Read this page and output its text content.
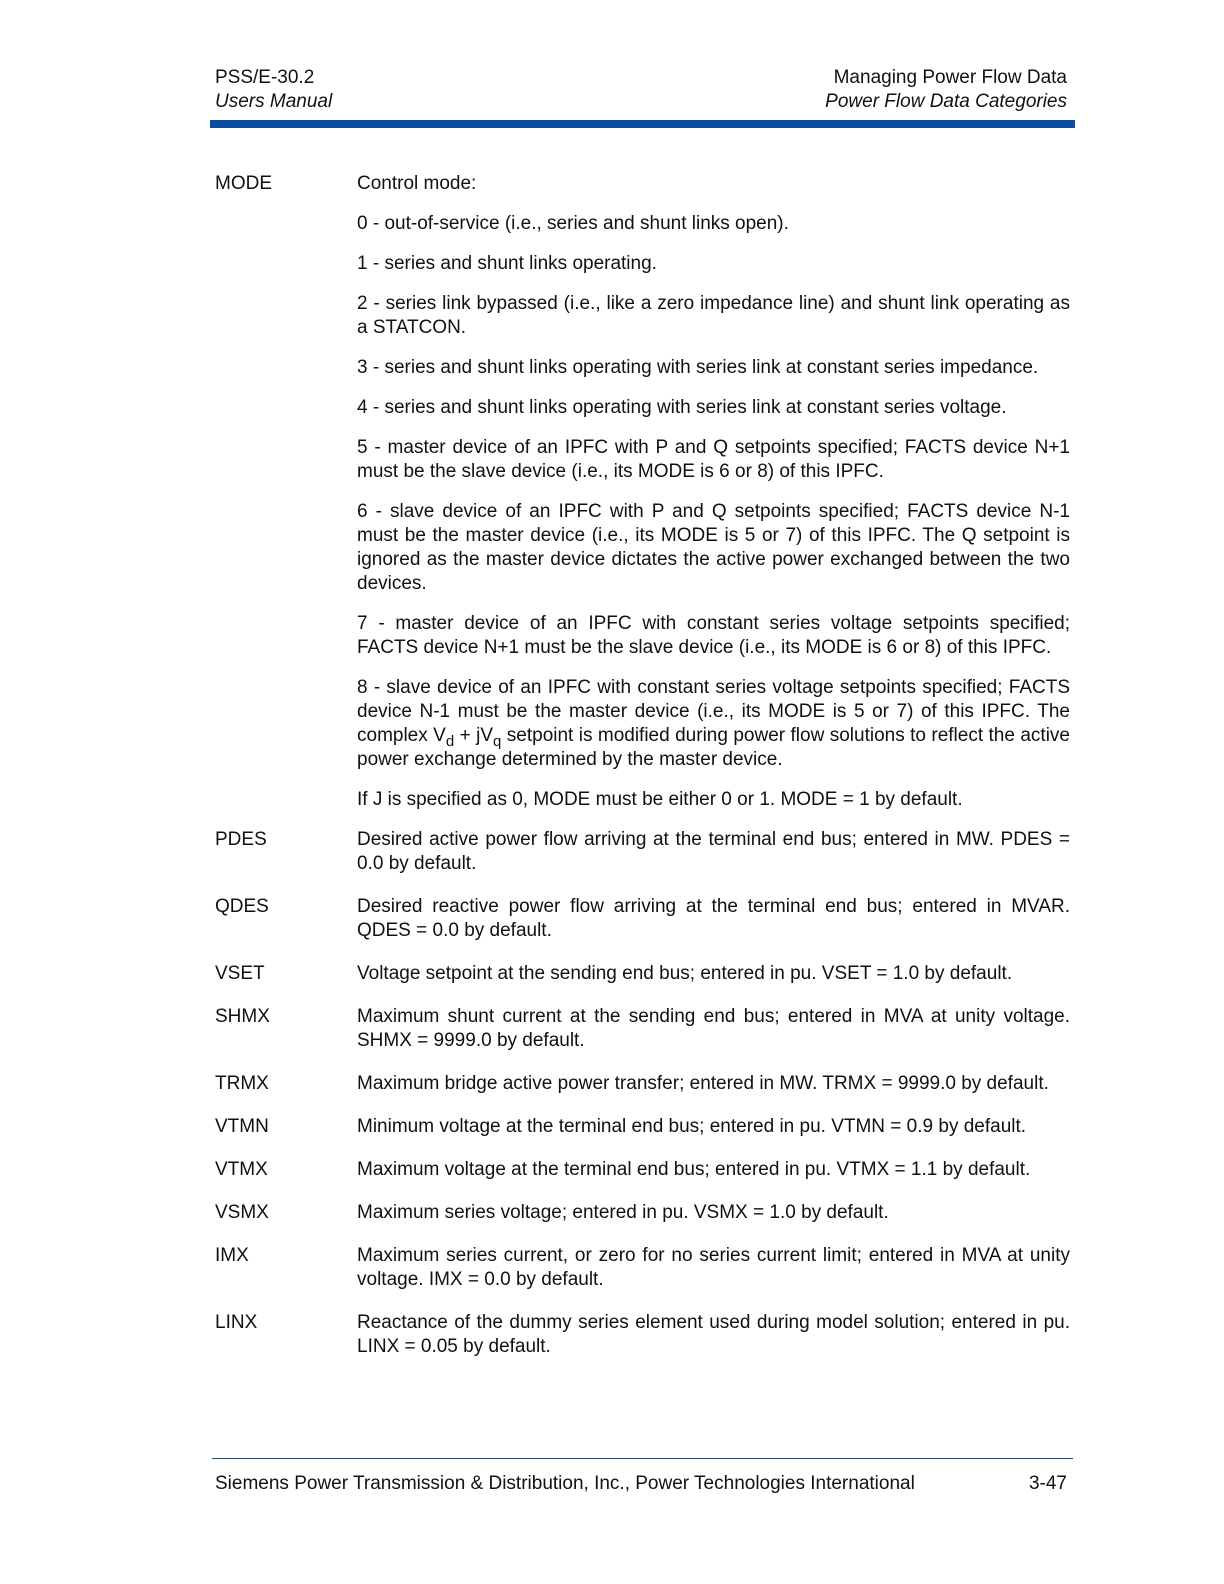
PSS/E-30.2
Users Manual
Managing Power Flow Data
Power Flow Data Categories
MODE	Control mode:

0 - out-of-service (i.e., series and shunt links open).

1 - series and shunt links operating.

2 - series link bypassed (i.e., like a zero impedance line) and shunt link operating as a STATCON.

3 - series and shunt links operating with series link at constant series impedance.

4 - series and shunt links operating with series link at constant series voltage.

5 - master device of an IPFC with P and Q setpoints specified; FACTS device N+1 must be the slave device (i.e., its MODE is 6 or 8) of this IPFC.

6 - slave device of an IPFC with P and Q setpoints specified; FACTS device N-1 must be the master device (i.e., its MODE is 5 or 7) of this IPFC. The Q setpoint is ignored as the master device dictates the active power exchanged between the two devices.

7 - master device of an IPFC with constant series voltage setpoints specified; FACTS device N+1 must be the slave device (i.e., its MODE is 6 or 8) of this IPFC.

8 - slave device of an IPFC with constant series voltage setpoints specified; FACTS device N-1 must be the master device (i.e., its MODE is 5 or 7) of this IPFC. The complex $V_d + jV_q$ setpoint is modified during power flow solutions to reflect the active power exchange determined by the master device.

If J is specified as 0, MODE must be either 0 or 1. MODE = 1 by default.

PDES	Desired active power flow arriving at the terminal end bus; entered in MW. PDES = 0.0 by default.
QDES	Desired reactive power flow arriving at the terminal end bus; entered in MVAR. QDES = 0.0 by default.
VSET	Voltage setpoint at the sending end bus; entered in pu. VSET = 1.0 by default.
SHMX	Maximum shunt current at the sending end bus; entered in MVA at unity voltage. SHMX = 9999.0 by default.
TRMX	Maximum bridge active power transfer; entered in MW. TRMX = 9999.0 by default.
VTMN	Minimum voltage at the terminal end bus; entered in pu. VTMN = 0.9 by default.
VTMX	Maximum voltage at the terminal end bus; entered in pu. VTMX = 1.1 by default.
VSMX	Maximum series voltage; entered in pu. VSMX = 1.0 by default.
IMX	Maximum series current, or zero for no series current limit; entered in MVA at unity voltage. IMX = 0.0 by default.
LINX	Reactance of the dummy series element used during model solution; entered in pu. LINX = 0.05 by default.
Siemens Power Transmission & Distribution, Inc., Power Technologies International	3-47
